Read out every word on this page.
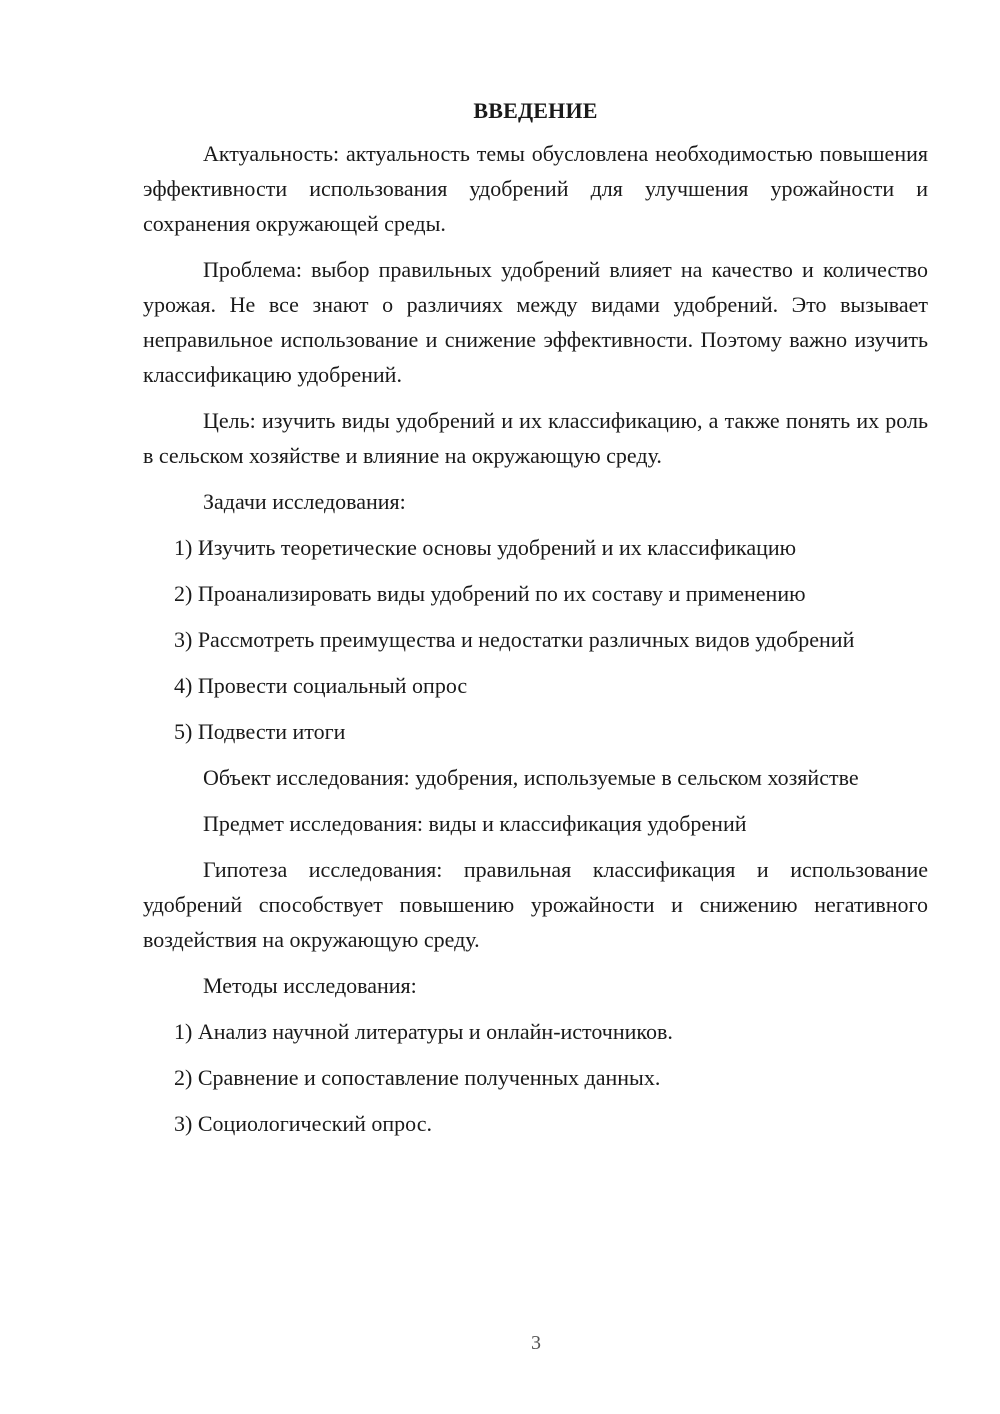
ВВЕДЕНИЕ

Актуальность: актуальность темы обусловлена необходимостью повышения эффективности использования удобрений для улучшения урожайности и сохранения окружающей среды.

Проблема: выбор правильных удобрений влияет на качество и количество урожая. Не все знают о различиях между видами удобрений. Это вызывает неправильное использование и снижение эффективности. Поэтому важно изучить классификацию удобрений.

Цель: изучить виды удобрений и их классификацию, а также понять их роль в сельском хозяйстве и влияние на окружающую среду.

Задачи исследования:

1) Изучить теоретические основы удобрений и их классификацию

2) Проанализировать виды удобрений по их составу и применению

3) Рассмотреть преимущества и недостатки различных видов удобрений

4) Провести социальный опрос

5) Подвести итоги

Объект исследования: удобрения, используемые в сельском хозяйстве

Предмет исследования: виды и классификация удобрений

Гипотеза исследования: правильная классификация и использование удобрений способствует повышению урожайности и снижению негативного воздействия на окружающую среду.

Методы исследования:

1) Анализ научной литературы и онлайн-источников.

2) Сравнение и сопоставление полученных данных.

3) Социологический опрос.

3
